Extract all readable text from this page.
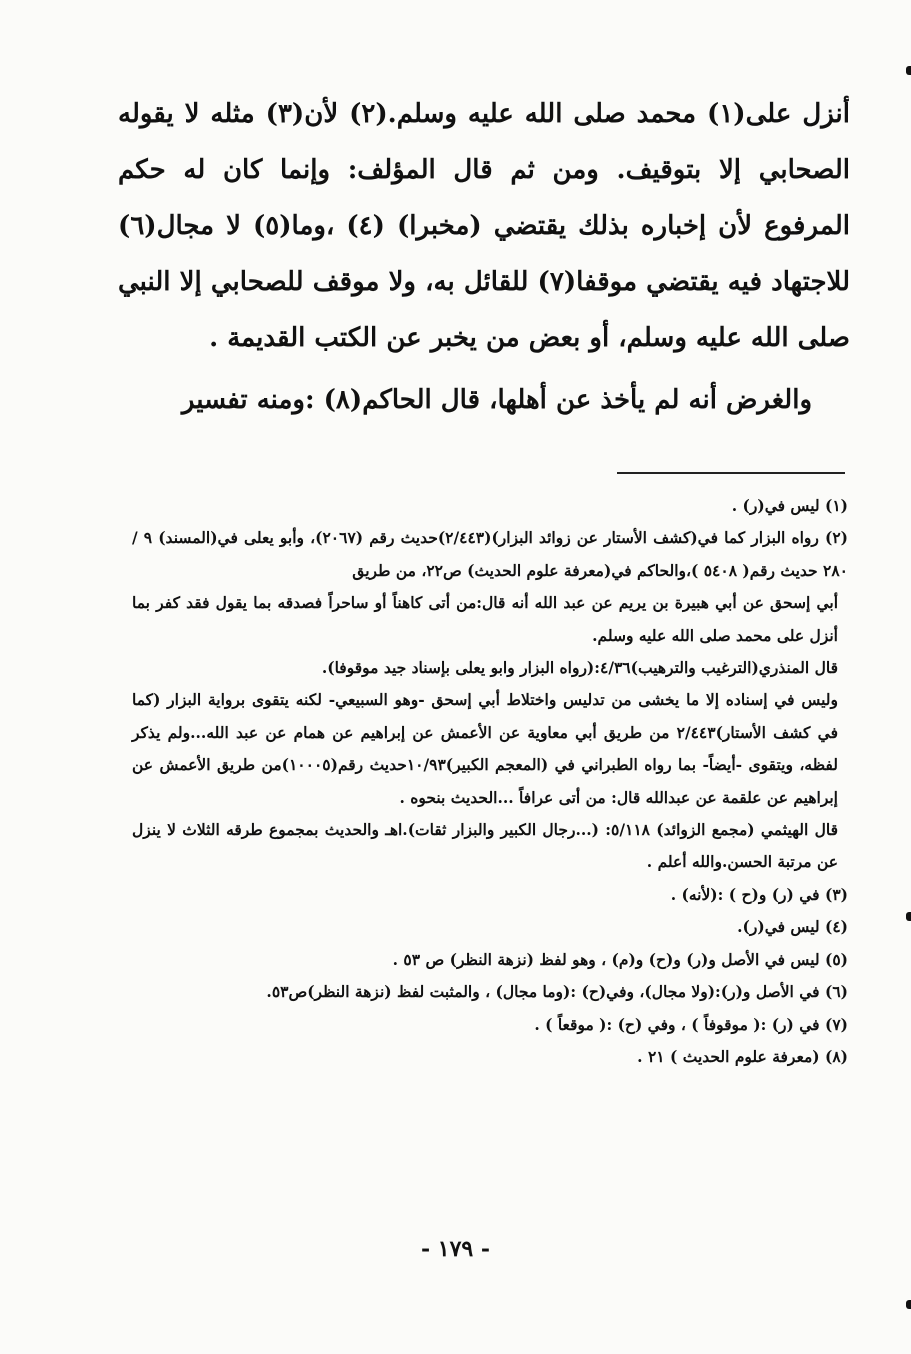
أنزل على(١) محمد صلى الله عليه وسلم.(٢) لأن(٣) مثله لا يقوله الصحابي إلا بتوقيف. ومن ثم قال المؤلف: وإنما كان له حكم المرفوع لأن إخباره بذلك يقتضي (مخبرا) (٤) ،وما(٥) لا مجال(٦) للاجتهاد فيه يقتضي موقفا(٧) للقائل به، ولا موقف للصحابي إلا النبي صلى الله عليه وسلم، أو بعض من يخبر عن الكتب القديمة .

والغرض أنه لم يأخذ عن أهلها، قال الحاكم(٨) :ومنه تفسير

(١) ليس في(ر) .

(٢) رواه البزار كما في(كشف الأستار عن زوائد البزار)(٢/٤٤٣)حديث رقم (٢٠٦٧)، وأبو يعلى في(المسند) ٩ / ٢٨٠ حديث رقم( ٥٤٠٨ )،والحاكم في(معرفة علوم الحديث) ص٢٢، من طريق

أبي إسحق عن أبي هبيرة بن يريم عن عبد الله أنه قال:من أتى كاهناً أو ساحراً فصدقه بما يقول فقد كفر بما أنزل على محمد صلى الله عليه وسلم.

قال المنذري(الترغيب والترهيب)٤/٣٦:(رواه البزار وابو يعلى بإسناد جيد موقوفا).

وليس في إسناده إلا ما يخشى من تدليس واختلاط أبي إسحق -وهو السبيعي- لكنه يتقوى برواية البزار (كما في كشف الأستار)٢/٤٤٣ من طريق أبي معاوية عن الأعمش عن إبراهيم عن همام عن عبد الله...ولم يذكر لفظه، ويتقوى -أيضاً- بما رواه الطبراني في (المعجم الكبير)١٠/٩٣حديث رقم(١٠٠٠٥)من طريق الأعمش عن إبراهيم عن علقمة عن عبدالله قال: من أتى عرافاً ...الحديث بنحوه .

قال الهيثمي (مجمع الزوائد) ٥/١١٨: (...رجال الكبير والبزار ثقات).اهـ والحديث بمجموع طرقه الثلاث لا ينزل عن مرتبة الحسن.والله أعلم .

(٣) في (ر) و(ح ) :(لأنه) .

(٤) ليس في(ر).

(٥) ليس في الأصل و(ر) و(ح) و(م) ، وهو لفظ (نزهة النظر) ص ٥٣ .

(٦) في الأصل و(ر):(ولا مجال)، وفي(ح) :(وما مجال) ، والمثبت لفظ (نزهة النظر)ص٥٣.

(٧) في (ر) :( موقوفاً ) ، وفي (ح) :( موقعاً ) .

(٨) (معرفة علوم الحديث ) ٢١ .

- ١٧٩ -
